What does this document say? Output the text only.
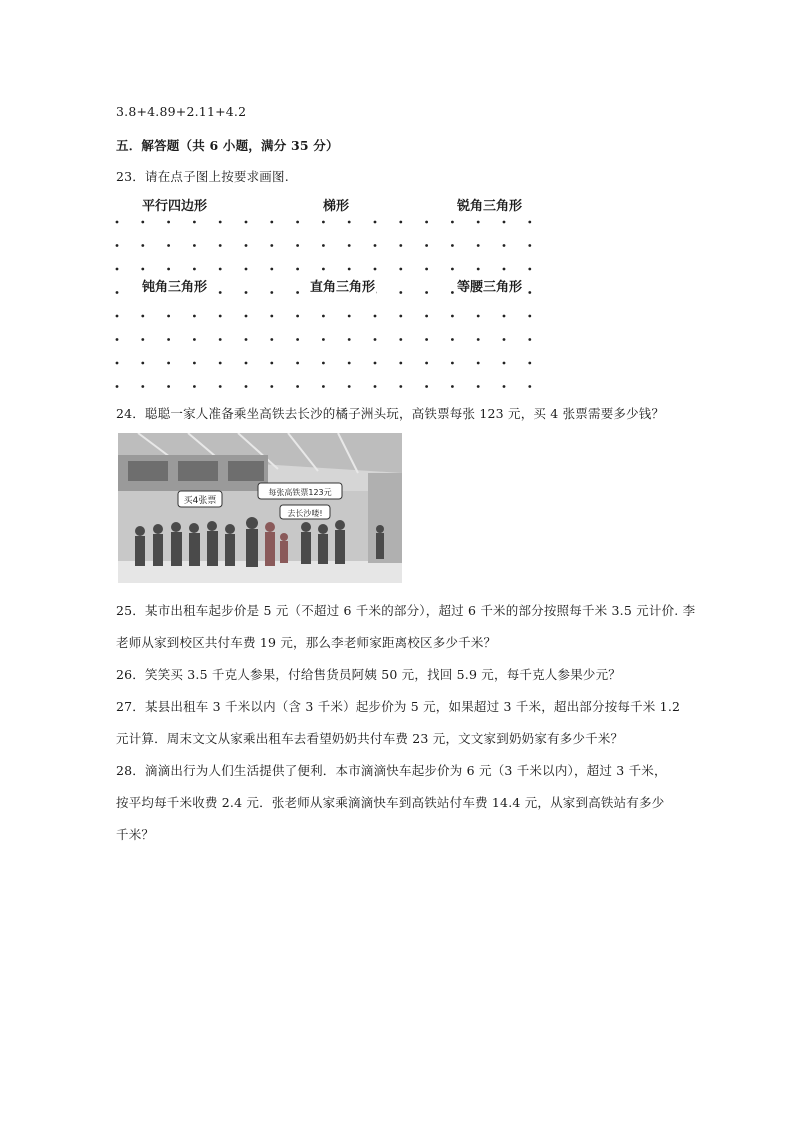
3.8+4.89+2.11+4.2
五．解答题（共 6 小题，满分 35 分）
23．请在点子图上按要求画图.
平行四边形	梯形	锐角三角形
钝角三角形	直角三角形	等腰三角形
24．聪聪一家人准备乘坐高铁去长沙的橘子洲头玩，高铁票每张 123 元，买 4 张票需要多少钱？
买4张票
每张高铁票123元
去长沙喽!
25．某市出租车起步价是 5 元（不超过 6 千米的部分），超过 6 千米的部分按照每千米 3.5 元计价. 李
老师从家到校区共付车费 19 元，那么李老师家距离校区多少千米？
26．笑笑买 3.5 千克人参果，付给售货员阿姨 50 元，找回 5.9 元，每千克人参果少元？
27．某县出租车 3 千米以内（含 3 千米）起步价为 5 元，如果超过 3 千米，超出部分按每千米 1.2
元计算．周末文文从家乘出租车去看望奶奶共付车费 23 元，文文家到奶奶家有多少千米？
28．滴滴出行为人们生活提供了便利．本市滴滴快车起步价为 6 元（3 千米以内），超过 3 千米，
按平均每千米收费 2.4 元．张老师从家乘滴滴快车到高铁站付车费 14.4 元，从家到高铁站有多少
千米？
